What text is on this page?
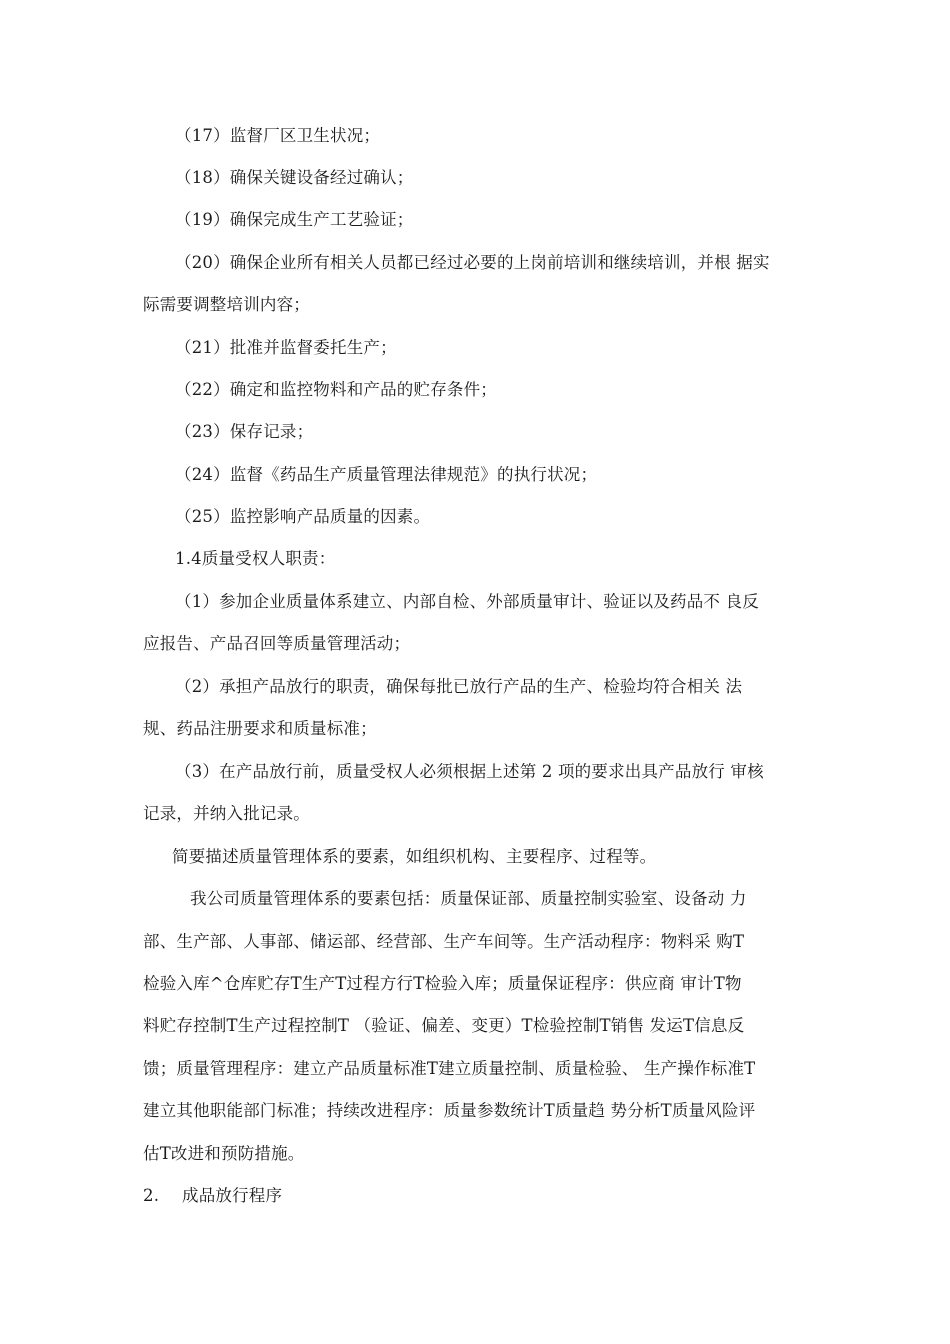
（17）监督厂区卫生状况；
（18）确保关键设备经过确认；
（19）确保完成生产工艺验证；
（20）确保企业所有相关人员都已经过必要的上岗前培训和继续培训，并根 据实
际需要调整培训内容；
（21）批准并监督委托生产；
（22）确定和监控物料和产品的贮存条件；
（23）保存记录；
（24）监督《药品生产质量管理法律规范》的执行状况；
（25）监控影响产品质量的因素。
1.4质量受权人职责：
（1）参加企业质量体系建立、内部自检、外部质量审计、验证以及药品不 良反
应报告、产品召回等质量管理活动；
（2）承担产品放行的职责，确保每批已放行产品的生产、检验均符合相关 法
规、药品注册要求和质量标准；
（3）在产品放行前，质量受权人必须根据上述第 2 项的要求出具产品放行 审核
记录，并纳入批记录。
简要描述质量管理体系的要素，如组织机构、主要程序、过程等。
我公司质量管理体系的要素包括：质量保证部、质量控制实验室、设备动 力
部、生产部、人事部、储运部、经营部、生产车间等。生产活动程序：物料采 购T
检验入库^仓库贮存T生产T过程方行T检验入库；质量保证程序：供应商 审计T物
料贮存控制T生产过程控制T （验证、偏差、变更）T检验控制T销售 发运T信息反
馈；质量管理程序：建立产品质量标准T建立质量控制、质量检验、 生产操作标准T
建立其他职能部门标准；持续改进程序：质量参数统计T质量趋 势分析T质量风险评
估T改进和预防措施。
2. 成品放行程序
